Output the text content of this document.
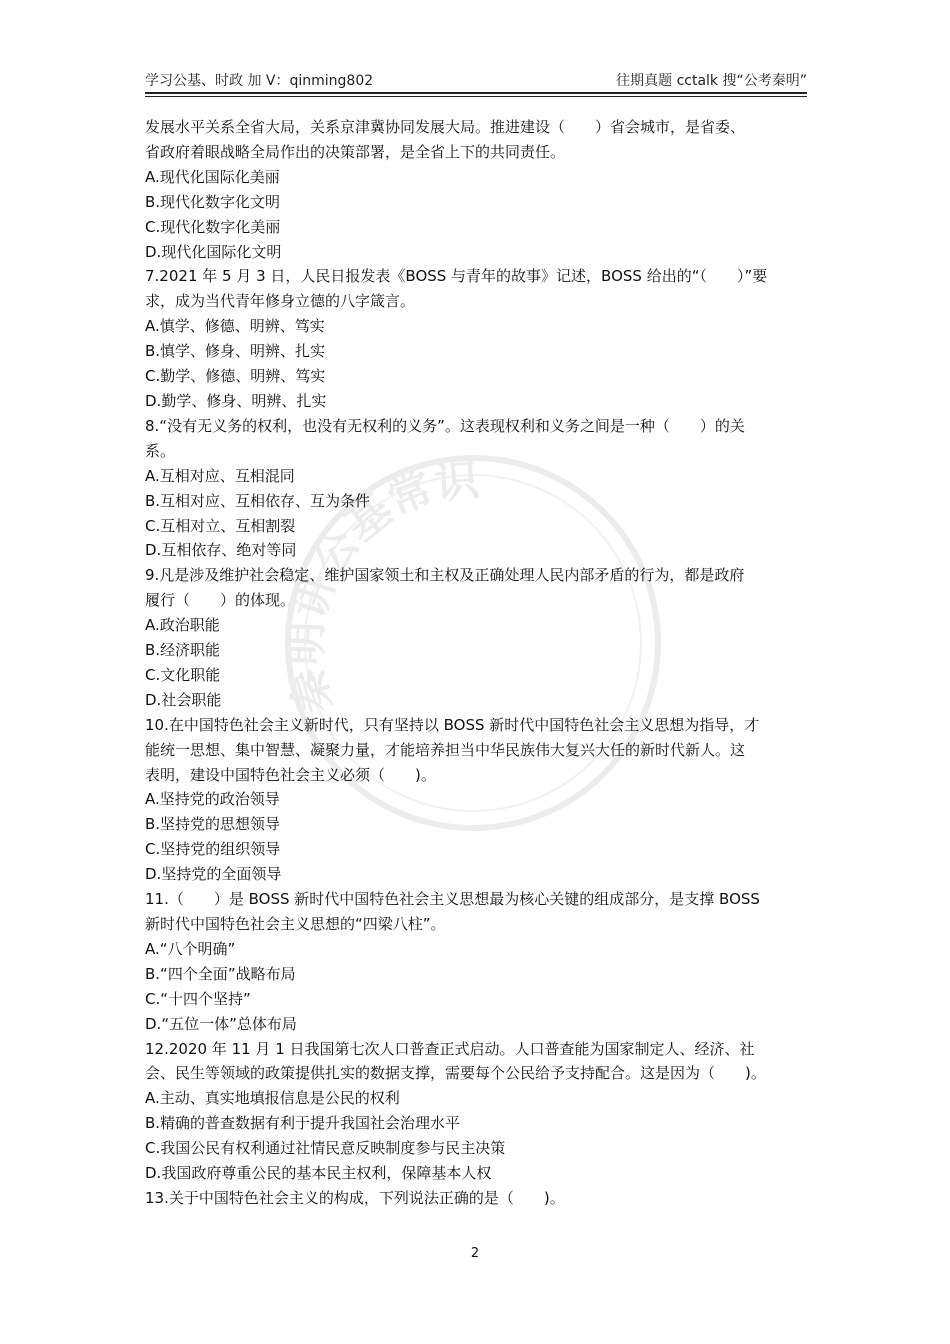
学习公基、时政 加 V：qinming802	往期真题 cctalk 搜“公考秦明”
秦明讲公基常识

发展水平关系全省大局，关系京津冀协同发展大局。推进建设（　　）省会城市，是省委、

省政府着眼战略全局作出的决策部署，是全省上下的共同责任。

A.现代化国际化美丽

B.现代化数字化文明

C.现代化数字化美丽

D.现代化国际化文明

7.2021 年 5 月 3 日，人民日报发表《BOSS 与青年的故事》记述，BOSS 给出的“（　　）”要

求，成为当代青年修身立德的八字箴言。

A.慎学、修德、明辨、笃实

B.慎学、修身、明辨、扎实

C.勤学、修德、明辨、笃实

D.勤学、修身、明辨、扎实

8.“没有无义务的权利，也没有无权利的义务”。这表现权利和义务之间是一种（　　）的关

系。

A.互相对应、互相混同

B.互相对应、互相依存、互为条件

C.互相对立、互相割裂

D.互相依存、绝对等同

9.凡是涉及维护社会稳定、维护国家领土和主权及正确处理人民内部矛盾的行为，都是政府

履行（　　）的体现。

A.政治职能

B.经济职能

C.文化职能

D.社会职能

10.在中国特色社会主义新时代，只有坚持以 BOSS 新时代中国特色社会主义思想为指导，才

能统一思想、集中智慧、凝聚力量，才能培养担当中华民族伟大复兴大任的新时代新人。这

表明，建设中国特色社会主义必须（　　)。

A.坚持党的政治领导

B.坚持党的思想领导

C.坚持党的组织领导

D.坚持党的全面领导

11.（　　）是 BOSS 新时代中国特色社会主义思想最为核心关键的组成部分，是支撑 BOSS

新时代中国特色社会主义思想的“四梁八柱”。

A.“八个明确”

B.“四个全面”战略布局

C.“十四个坚持”

D.“五位一体”总体布局

12.2020 年 11 月 1 日我国第七次人口普查正式启动。人口普查能为国家制定人、经济、社

会、民生等领域的政策提供扎实的数据支撑，需要每个公民给予支持配合。这是因为（　　)。

A.主动、真实地填报信息是公民的权利

B.精确的普查数据有利于提升我国社会治理水平

C.我国公民有权利通过社情民意反映制度参与民主决策

D.我国政府尊重公民的基本民主权利，保障基本人权

13.关于中国特色社会主义的构成，下列说法正确的是（　　)。

2
